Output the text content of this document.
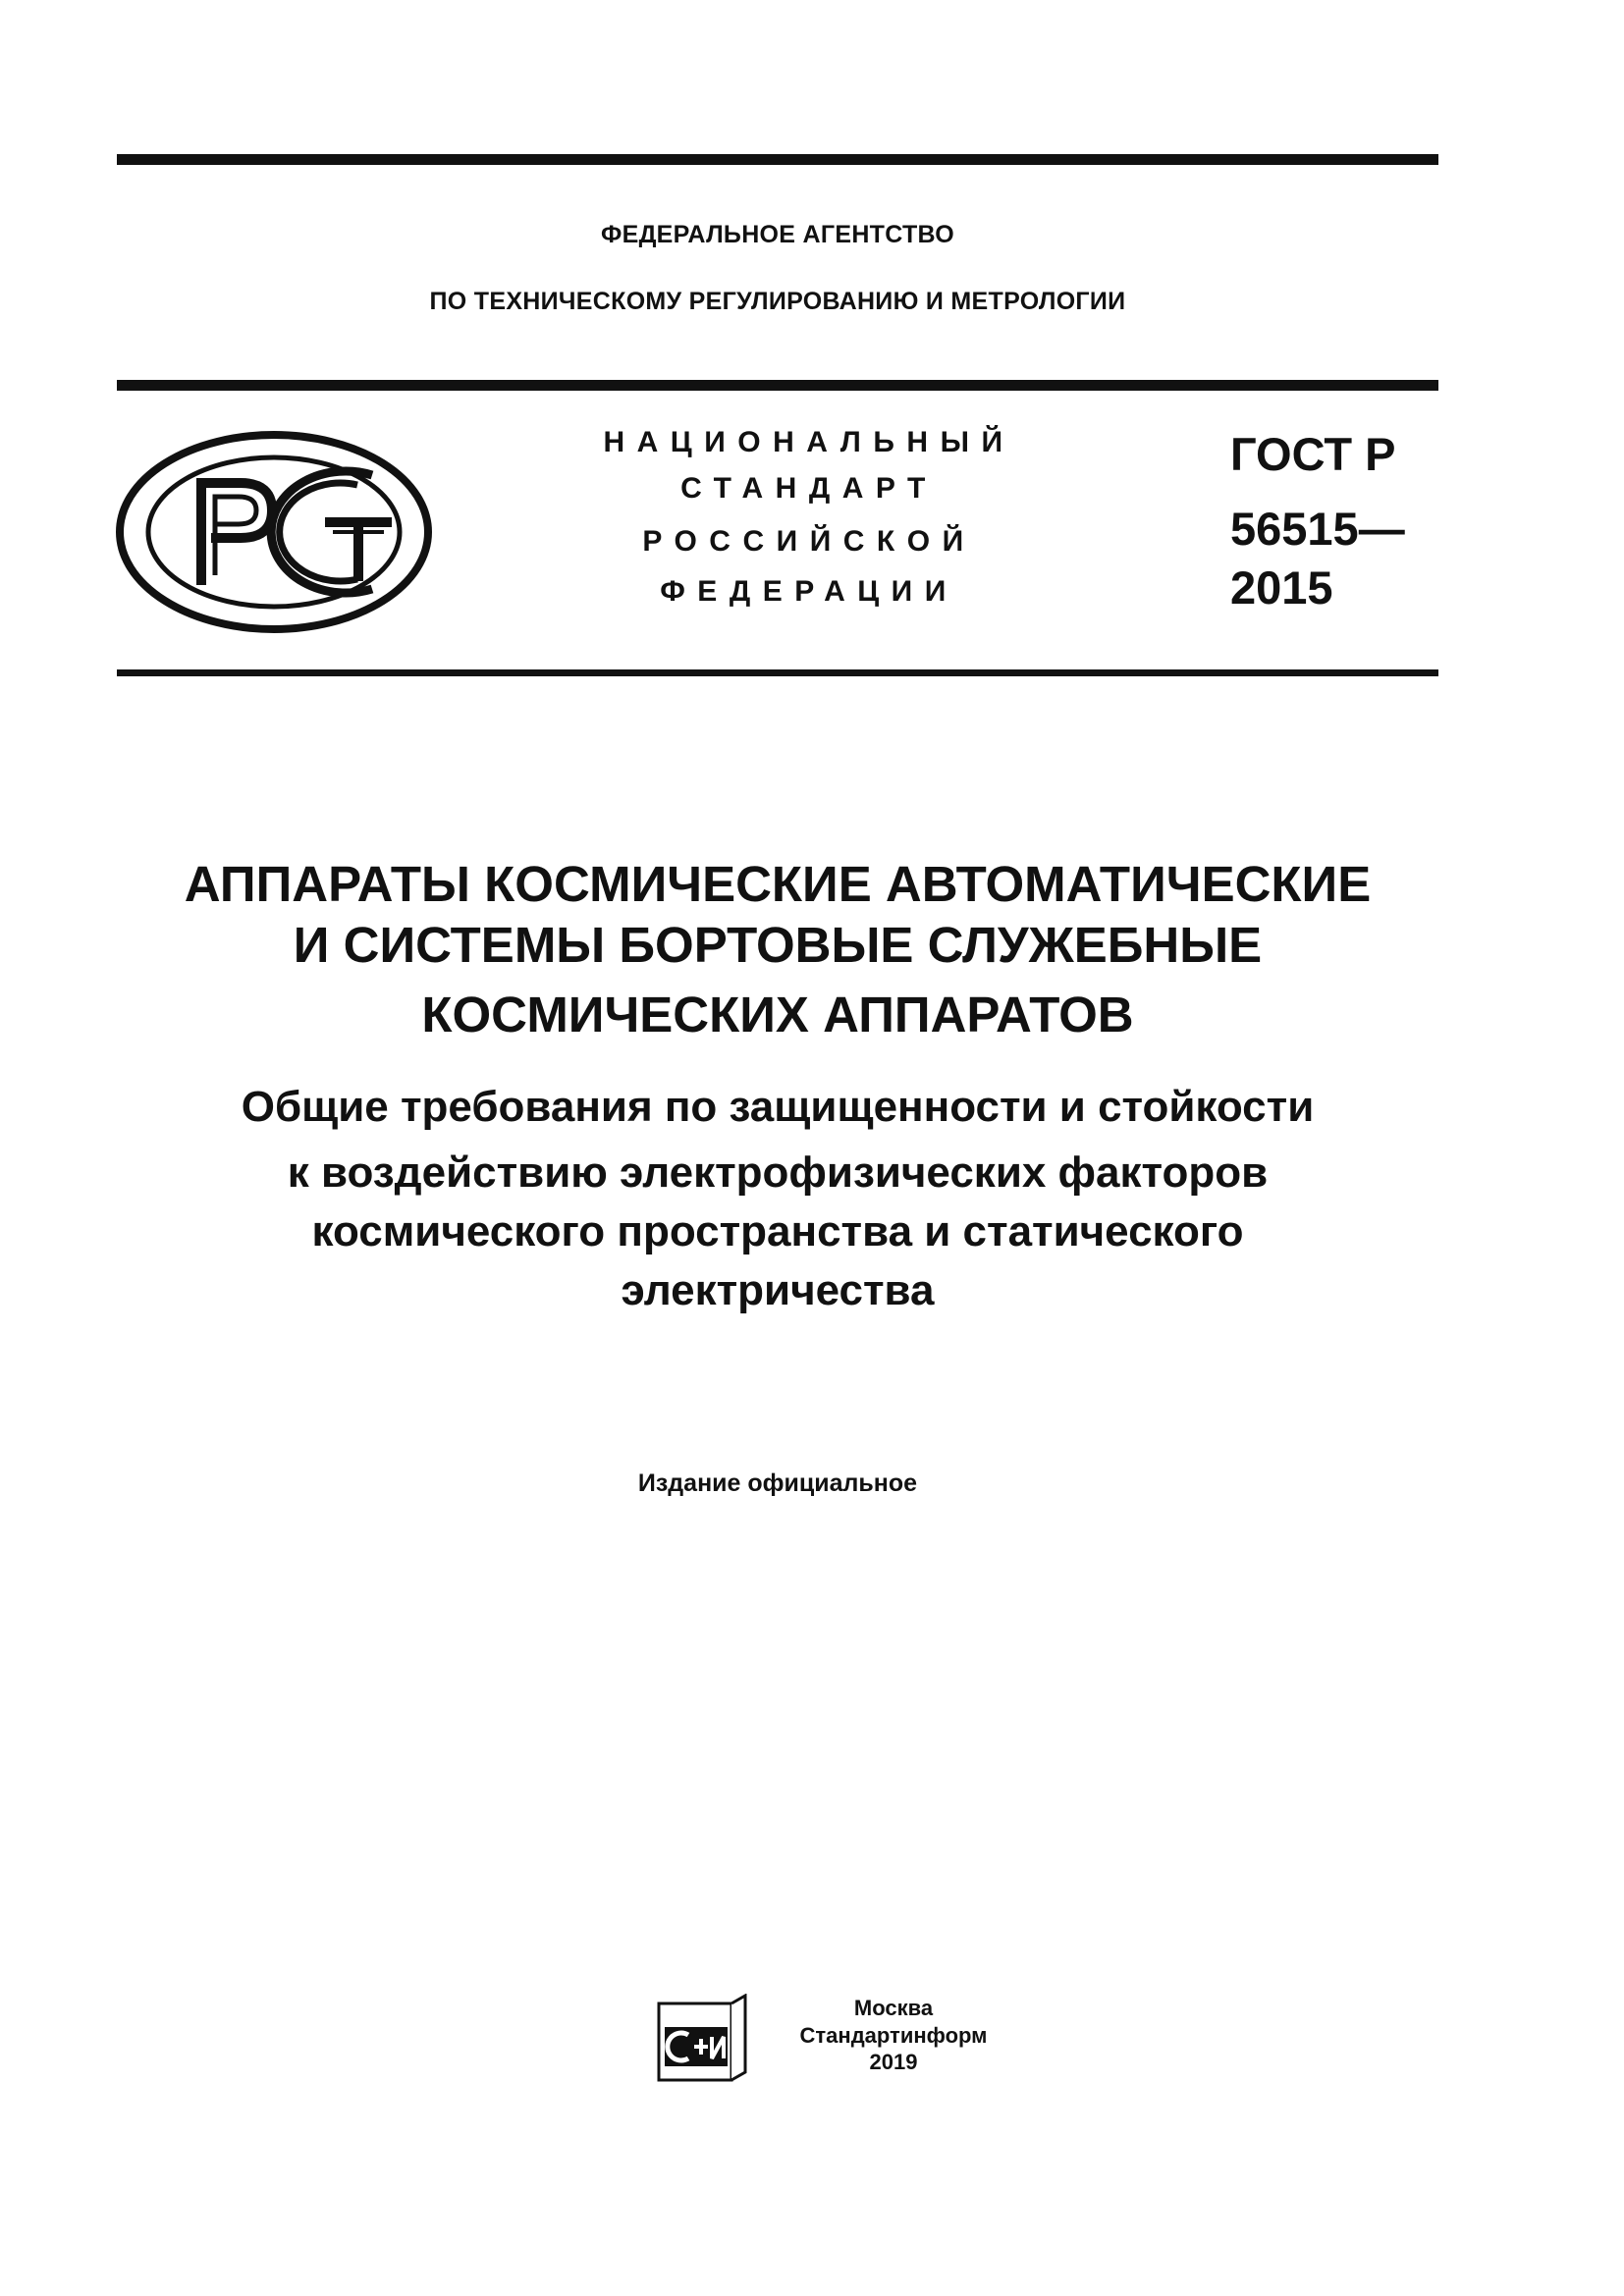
ФЕДЕРАЛЬНОЕ АГЕНТСТВО
ПО ТЕХНИЧЕСКОМУ РЕГУЛИРОВАНИЮ И МЕТРОЛОГИИ
НАЦИОНАЛЬНЫЙ
СТАНДАРТ
РОССИЙСКОЙ
ФЕДЕРАЦИИ
ГОСТ Р
56515—
2015
АППАРАТЫ КОСМИЧЕСКИЕ АВТОМАТИЧЕСКИЕ
И СИСТЕМЫ БОРТОВЫЕ СЛУЖЕБНЫЕ
КОСМИЧЕСКИХ АППАРАТОВ
Общие требования по защищенности и стойкости
к воздействию электрофизических факторов
космического пространства и статического
электричества
Издание официальное
Москва
Стандартинформ
2019
